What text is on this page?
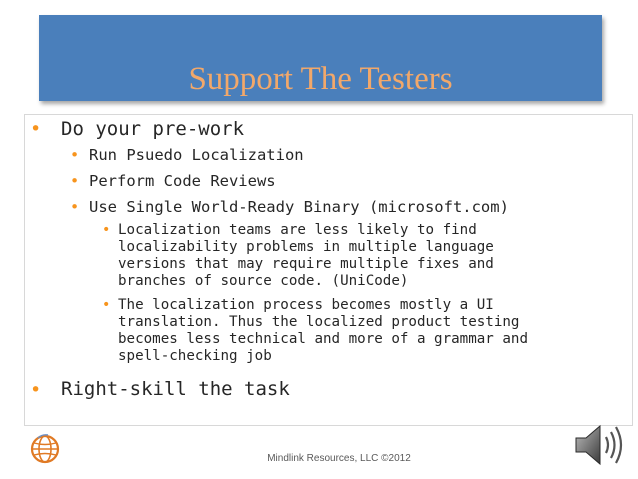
Support The Testers
• Do your pre-work
• Run Psuedo Localization
• Perform Code Reviews
• Use Single World-Ready Binary (microsoft.com)
• Localization teams are less likely to find
localizability problems in multiple language
versions that may require multiple fixes and
branches of source code. (UniCode)
• The localization process becomes mostly a UI
translation. Thus the localized product testing
becomes less technical and more of a grammar and
spell-checking job
• Right-skill the task
Mindlink Resources, LLC ©2012
